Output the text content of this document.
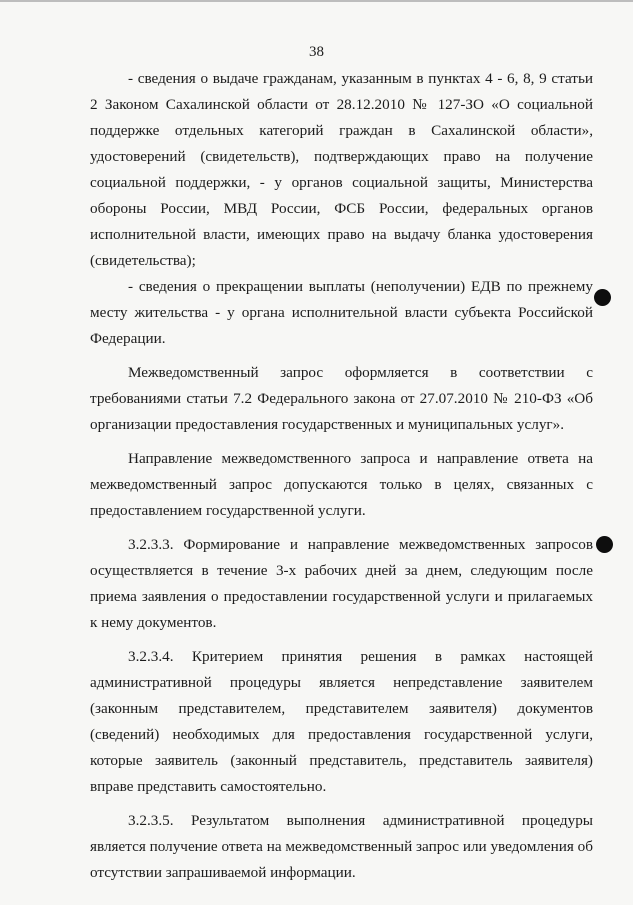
38

- сведения о выдаче гражданам, указанным в пунктах 4 - 6, 8, 9 статьи 2 Законом Сахалинской области от 28.12.2010 № 127-ЗО «О социальной поддержке отдельных категорий граждан в Сахалинской области», удостоверений (свидетельств), подтверждающих право на получение социальной поддержки, - у органов социальной защиты, Министерства обороны России, МВД России, ФСБ России, федеральных органов исполнительной власти, имеющих право на выдачу бланка удостоверения (свидетельства);

- сведения о прекращении выплаты (неполучении) ЕДВ по прежнему месту жительства - у органа исполнительной власти субъекта Российской Федерации.

Межведомственный запрос оформляется в соответствии с требованиями статьи 7.2 Федерального закона от 27.07.2010 № 210-ФЗ «Об организации предоставления государственных и муниципальных услуг».

Направление межведомственного запроса и направление ответа на межведомственный запрос допускаются только в целях, связанных с предоставлением государственной услуги.

3.2.3.3. Формирование и направление межведомственных запросов осуществляется в течение 3-х рабочих дней за днем, следующим после приема заявления о предоставлении государственной услуги и прилагаемых к нему документов.

3.2.3.4. Критерием принятия решения в рамках настоящей административной процедуры является непредставление заявителем (законным представителем, представителем заявителя) документов (сведений) необходимых для предоставления государственной услуги, которые заявитель (законный представитель, представитель заявителя) вправе представить самостоятельно.

3.2.3.5. Результатом выполнения административной процедуры является получение ответа на межведомственный запрос или уведомления об отсутствии запрашиваемой информации.
